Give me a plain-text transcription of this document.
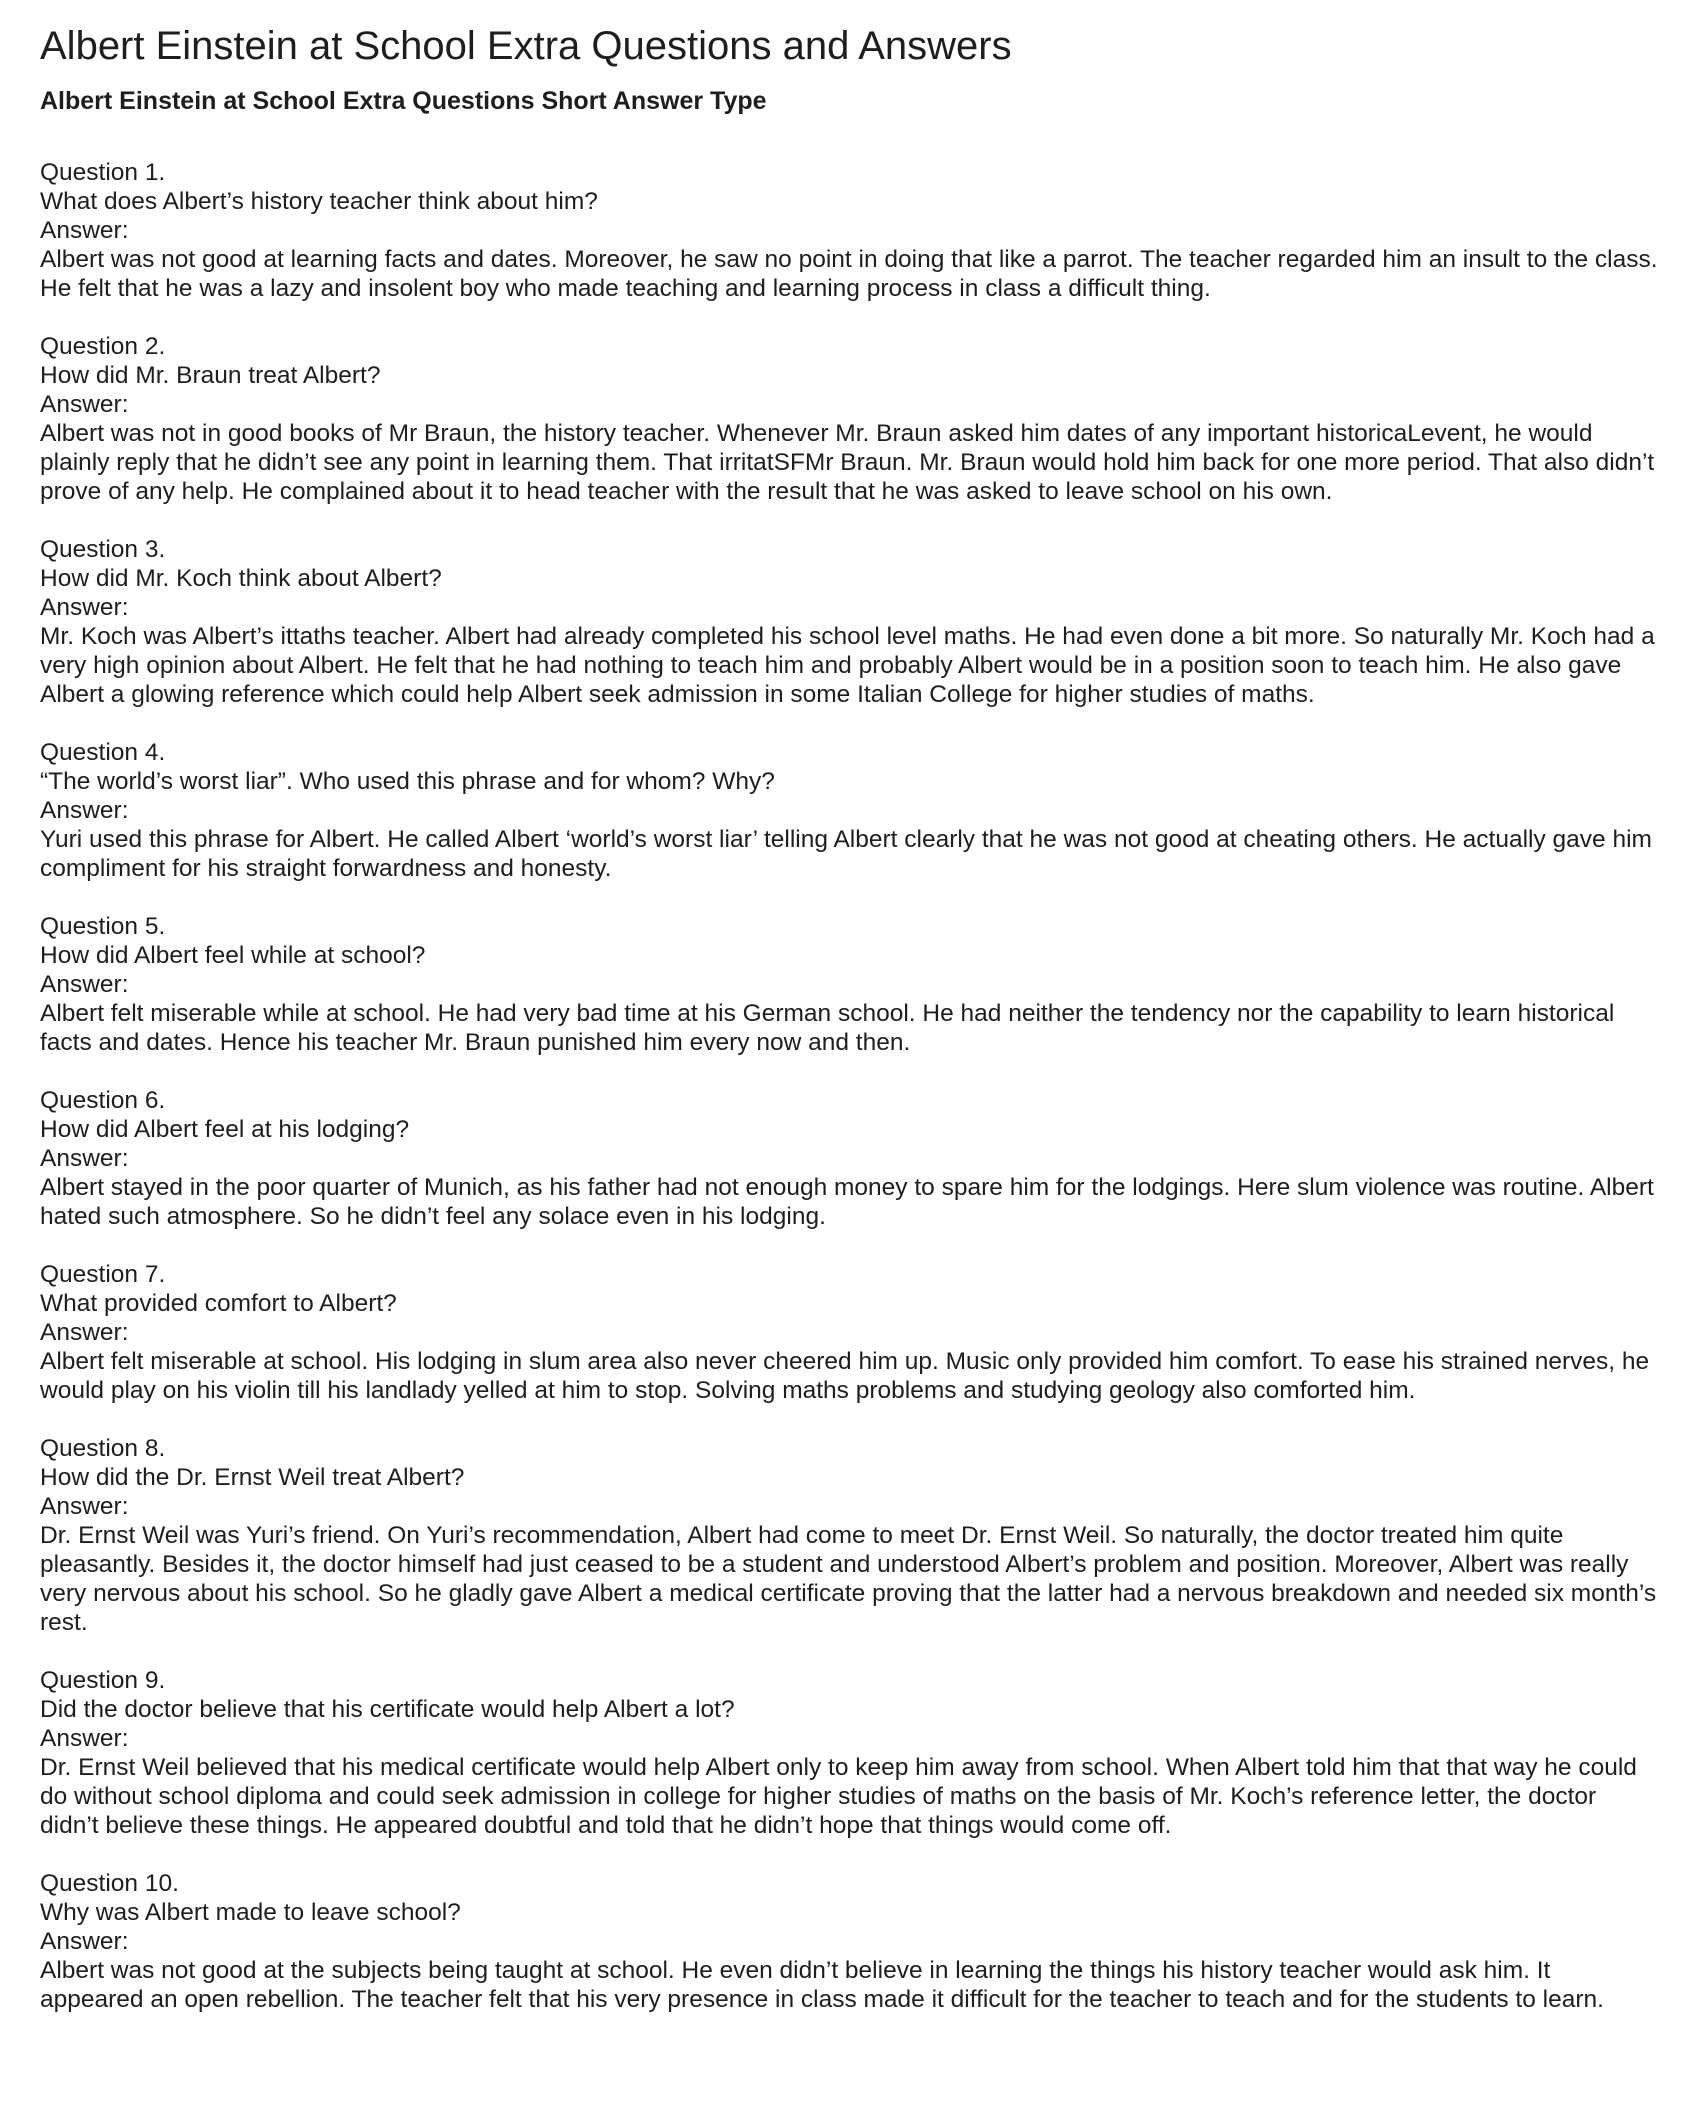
Albert Einstein at School Extra Questions and Answers
Albert Einstein at School Extra Questions Short Answer Type
Question 1.
What does Albert’s history teacher think about him?
Answer:
Albert was not good at learning facts and dates. Moreover, he saw no point in doing that like a parrot. The teacher regarded him an insult to the class. He felt that he was a lazy and insolent boy who made teaching and learning process in class a difficult thing.
Question 2.
How did Mr. Braun treat Albert?
Answer:
Albert was not in good books of Mr Braun, the history teacher. Whenever Mr. Braun asked him dates of any important historicaLevent, he would plainly reply that he didn’t see any point in learning them. That irritatSFMr Braun. Mr. Braun would hold him back for one more period. That also didn’t prove of any help. He complained about it to head teacher with the result that he was asked to leave school on his own.
Question 3.
How did Mr. Koch think about Albert?
Answer:
Mr. Koch was Albert’s ittaths teacher. Albert had already completed his school level maths. He had even done a bit more. So naturally Mr. Koch had a very high opinion about Albert. He felt that he had nothing to teach him and probably Albert would be in a position soon to teach him. He also gave Albert a glowing reference which could help Albert seek admission in some Italian College for higher studies of maths.
Question 4.
“The world’s worst liar”. Who used this phrase and for whom? Why?
Answer:
Yuri used this phrase for Albert. He called Albert ‘world’s worst liar’ telling Albert clearly that he was not good at cheating others. He actually gave him compliment for his straight forwardness and honesty.
Question 5.
How did Albert feel while at school?
Answer:
Albert felt miserable while at school. He had very bad time at his German school. He had neither the tendency nor the capability to learn historical facts and dates. Hence his teacher Mr. Braun punished him every now and then.
Question 6.
How did Albert feel at his lodging?
Answer:
Albert stayed in the poor quarter of Munich, as his father had not enough money to spare him for the lodgings. Here slum violence was routine. Albert hated such atmosphere. So he didn’t feel any solace even in his lodging.
Question 7.
What provided comfort to Albert?
Answer:
Albert felt miserable at school. His lodging in slum area also never cheered him up. Music only provided him comfort. To ease his strained nerves, he would play on his violin till his landlady yelled at him to stop. Solving maths problems and studying geology also comforted him.
Question 8.
How did the Dr. Ernst Weil treat Albert?
Answer:
Dr. Ernst Weil was Yuri’s friend. On Yuri’s recommendation, Albert had come to meet Dr. Ernst Weil. So naturally, the doctor treated him quite pleasantly. Besides it, the doctor himself had just ceased to be a student and understood Albert’s problem and position. Moreover, Albert was really very nervous about his school. So he gladly gave Albert a medical certificate proving that the latter had a nervous breakdown and needed six month’s rest.
Question 9.
Did the doctor believe that his certificate would help Albert a lot?
Answer:
Dr. Ernst Weil believed that his medical certificate would help Albert only to keep him away from school. When Albert told him that that way he could do without school diploma and could seek admission in college for higher studies of maths on the basis of Mr. Koch’s reference letter, the doctor didn’t believe these things. He appeared doubtful and told that he didn’t hope that things would come off.
Question 10.
Why was Albert made to leave school?
Answer:
Albert was not good at the subjects being taught at school. He even didn’t believe in learning the things his history teacher would ask him. It appeared an open rebellion. The teacher felt that his very presence in class made it difficult for the teacher to teach and for the students to learn.
